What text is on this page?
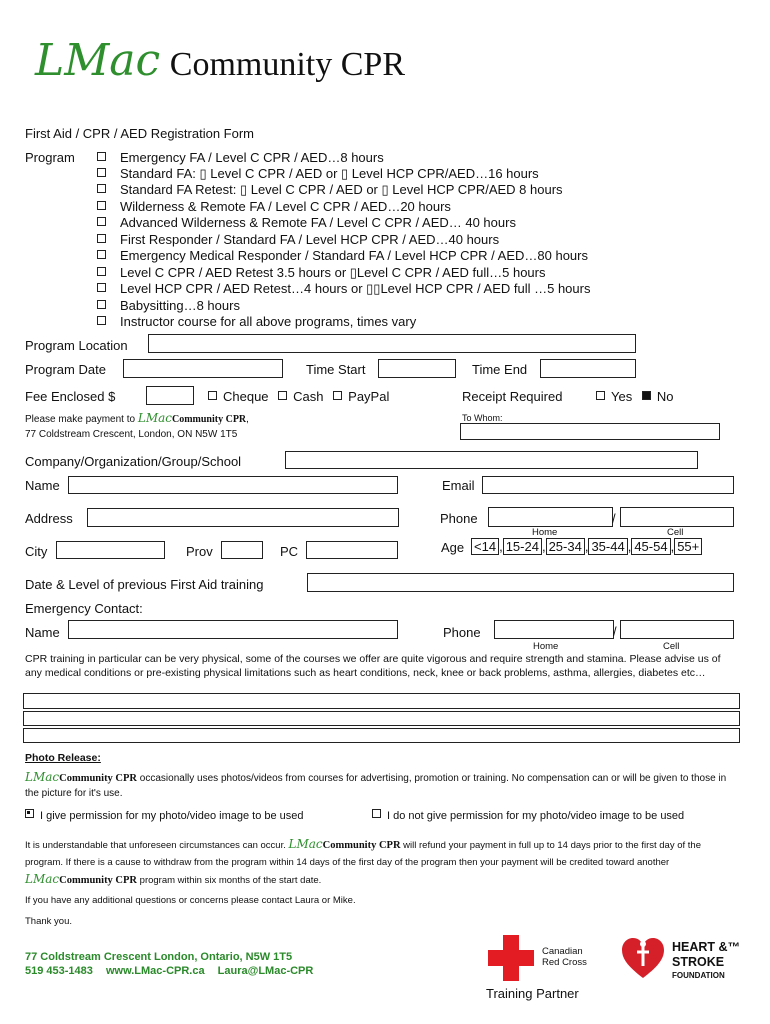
LMac Community CPR
First Aid / CPR / AED Registration Form
Program	Emergency FA / Level C CPR / AED…8 hours
Standard FA: ▯ Level C CPR / AED or ▯ Level HCP CPR/AED…16 hours
Standard FA Retest: ▯ Level C CPR / AED or ▯ Level HCP CPR/AED 8 hours
Wilderness & Remote FA / Level C CPR / AED…20 hours
Advanced Wilderness & Remote FA / Level C CPR / AED… 40 hours
First Responder / Standard FA / Level HCP CPR / AED…40 hours
Emergency Medical Responder / Standard FA / Level HCP CPR / AED…80 hours
Level C CPR / AED Retest 3.5 hours or ▯Level C CPR / AED full…5 hours
Level HCP CPR / AED Retest…4 hours or ▯▯Level HCP CPR / AED full …5 hours
Babysitting…8 hours
Instructor course for all above programs, times vary
Program Location
Program Date	Time Start	Time End
Fee Enclosed $	Cheque Cash PayPal	Receipt Required	Yes No
Please make payment to LMacCommunity CPR,
77 Coldstream Crescent, London, ON N5W 1T5
To Whom:
Company/Organization/Group/School
Name	Email
Address	Phone	/
Home	Cell
City	Prov	PC	Age <14 , 15-24 , 25-34 , 35-44 , 45-54 , 55+
Date & Level of previous First Aid training
Emergency Contact:
Name	Phone	/
Home	Cell
CPR training in particular can be very physical, some of the courses we offer are quite vigorous and require strength and stamina. Please advise us of any medical conditions or pre-existing physical limitations such as heart conditions, neck, knee or back problems, asthma, allergies, diabetes etc…
Photo Release:
LMacCommunity CPR occasionally uses photos/videos from courses for advertising, promotion or training. No compensation can or will be given to those in the picture for it's use.
I give permission for my photo/video image to be used	I do not give permission for my photo/video image to be used
It is understandable that unforeseen circumstances can occur. LMacCommunity CPR will refund your payment in full up to 14 days prior to the first day of the program. If there is a cause to withdraw from the program within 14 days of the first day of the program then your payment will be credited toward another LMacCommunity CPR program within six months of the start date.
If you have any additional questions or concerns please contact Laura or Mike.
Thank you.
77 Coldstream Crescent London, Ontario, N5W 1T5
519 453-1483 www.LMac-CPR.ca Laura@LMac-CPR
Canadian
Red Cross
Training Partner
HEART &™
STROKE
FOUNDATION
